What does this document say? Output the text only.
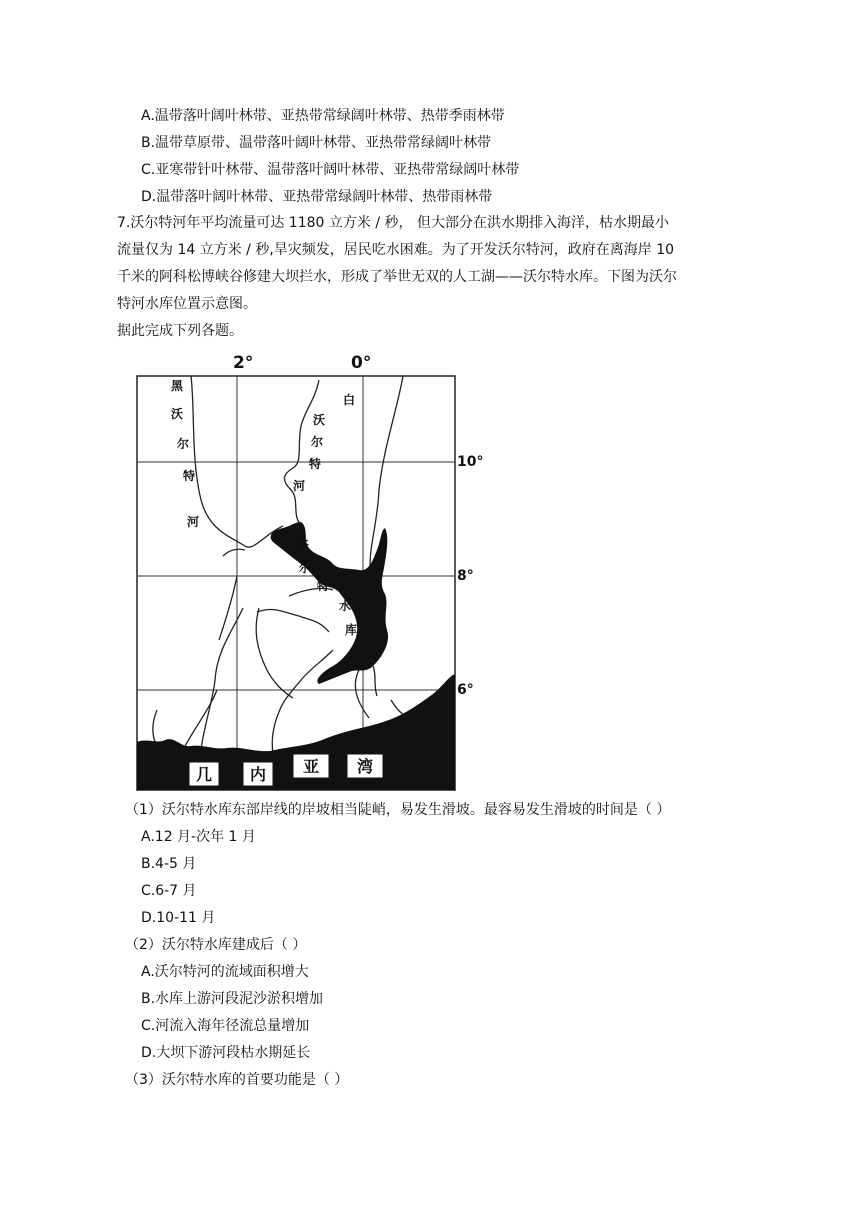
A.温带落叶阔叶林带、亚热带常绿阔叶林带、热带季雨林带
B.温带草原带、温带落叶阔叶林带、亚热带常绿阔叶林带
C.亚寒带针叶林带、温带落叶阔叶林带、亚热带常绿阔叶林带
D.温带落叶阔叶林带、亚热带常绿阔叶林带、热带雨林带
7.沃尔特河年平均流量可达 1180 立方米 / 秒， 但大部分在洪水期排入海洋，枯水期最小
流量仅为 14 立方米 / 秒,旱灾频发，居民吃水困难。为了开发沃尔特河，政府在离海岸 10
千米的阿科松博峡谷修建大坝拦水，形成了举世无双的人工湖——沃尔特水库。下图为沃尔
特河水库位置示意图。
据此完成下列各题。
几 内 亚 湾
2°	0°
10°
8°
6°
黑
沃
尔
特
河
白
沃
尔
特
河
沃
尔
特
水
库
（1）沃尔特水库东部岸线的岸坡相当陡峭，易发生滑坡。最容易发生滑坡的时间是（ ）
A.12 月-次年 1 月
B.4-5 月
C.6-7 月
D.10-11 月
（2）沃尔特水库建成后（ ）
A.沃尔特河的流域面积增大
B.水库上游河段泥沙淤积增加
C.河流入海年径流总量增加
D.大坝下游河段枯水期延长
（3）沃尔特水库的首要功能是（ ）
